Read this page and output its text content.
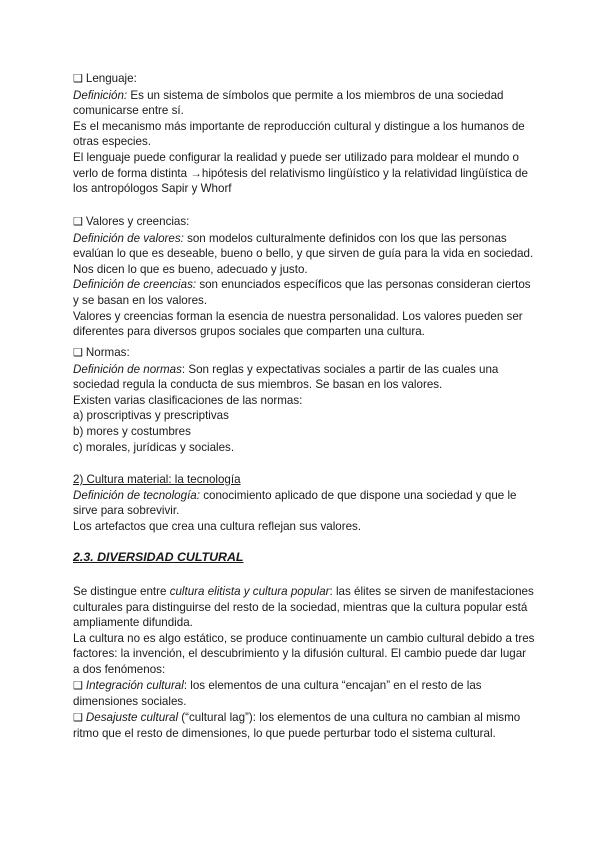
❑ Lenguaje:

Definición: Es un sistema de símbolos que permite a los miembros de una sociedad comunicarse entre sí.

Es el mecanismo más importante de reproducción cultural y distingue a los humanos de otras especies.

El lenguaje puede configurar la realidad y puede ser utilizado para moldear el mundo o verlo de forma distinta →hipótesis del relativismo lingüístico y la relatividad lingüística de los antropólogos Sapir y Whorf

❑ Valores y creencias:

Definición de valores: son modelos culturalmente definidos con los que las personas evalúan lo que es deseable, bueno o bello, y que sirven de guía para la vida en sociedad. Nos dicen lo que es bueno, adecuado y justo.

Definición de creencias: son enunciados específicos que las personas consideran ciertos y se basan en los valores.

Valores y creencias forman la esencia de nuestra personalidad. Los valores pueden ser diferentes para diversos grupos sociales que comparten una cultura.

❑ Normas:

Definición de normas: Son reglas y expectativas sociales a partir de las cuales una sociedad regula la conducta de sus miembros. Se basan en los valores.

Existen varias clasificaciones de las normas:

a) proscriptivas y prescriptivas

b) mores y costumbres

c) morales, jurídicas y sociales.

2) Cultura material: la tecnología

Definición de tecnología: conocimiento aplicado de que dispone una sociedad y que le sirve para sobrevivir.

Los artefactos que crea una cultura reflejan sus valores.

2.3. DIVERSIDAD CULTURAL

Se distingue entre cultura elitista y cultura popular: las élites se sirven de manifestaciones culturales para distinguirse del resto de la sociedad, mientras que la cultura popular está ampliamente difundida.

La cultura no es algo estático, se produce continuamente un cambio cultural debido a tres factores: la invención, el descubrimiento y la difusión cultural. El cambio puede dar lugar a dos fenómenos:

❑ Integración cultural: los elementos de una cultura “encajan” en el resto de las dimensiones sociales.

❑ Desajuste cultural (“cultural lag”): los elementos de una cultura no cambian al mismo ritmo que el resto de dimensiones, lo que puede perturbar todo el sistema cultural.
